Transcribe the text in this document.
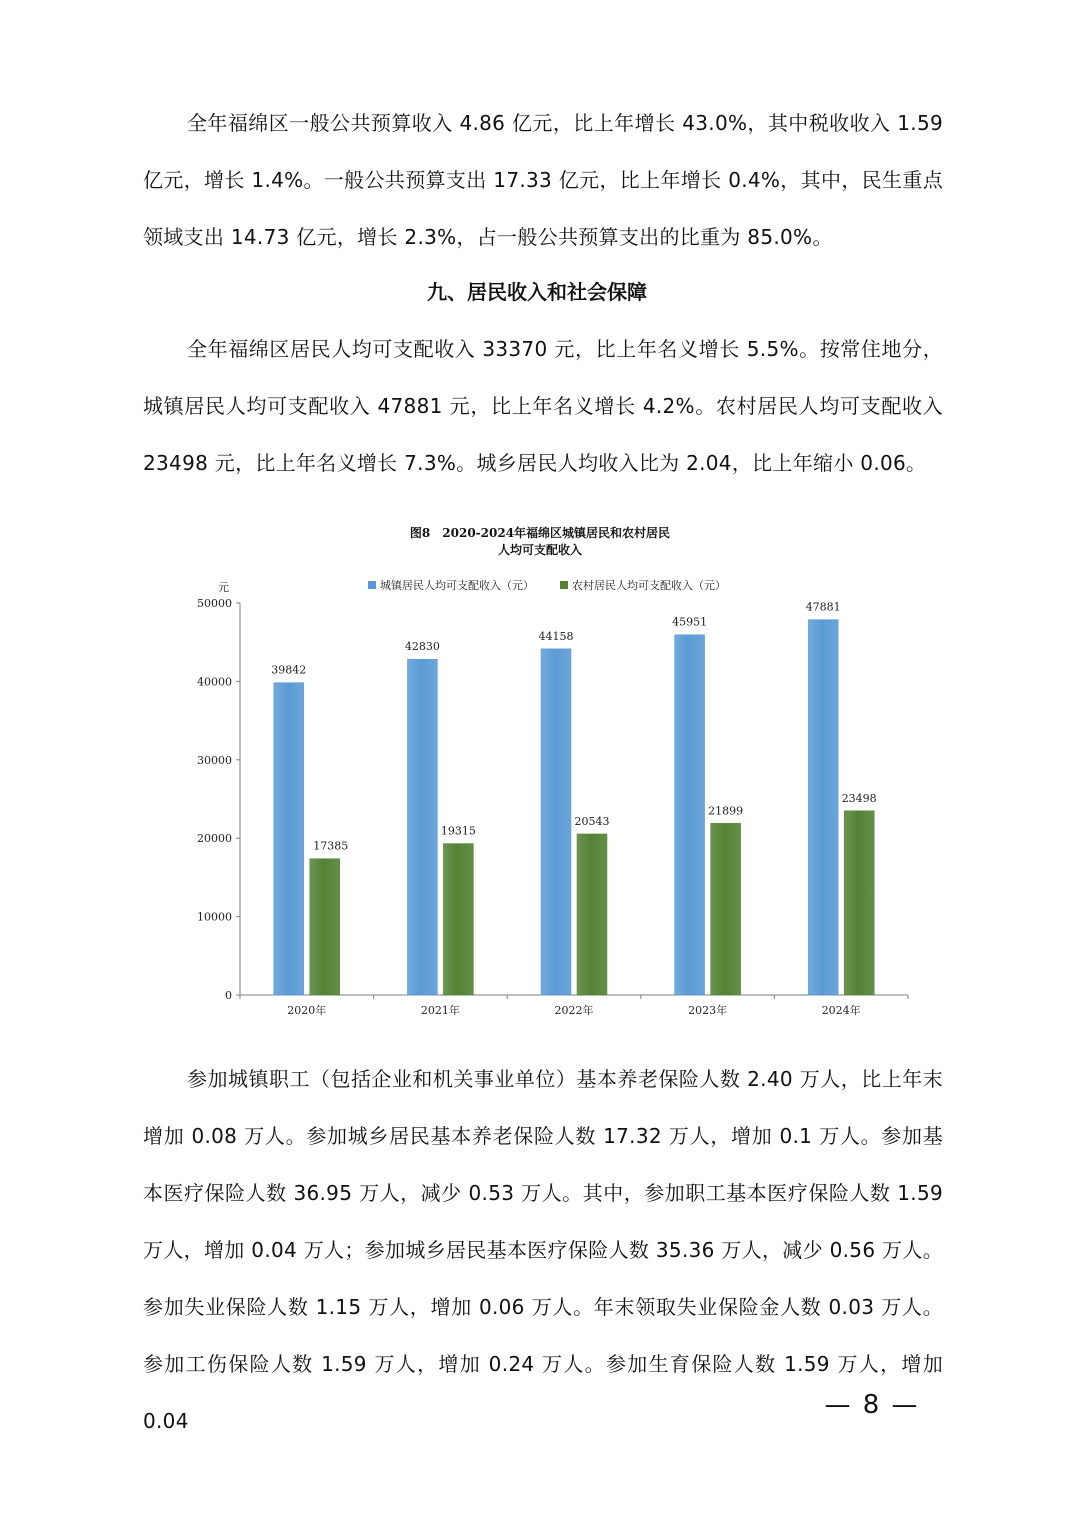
全年福绵区一般公共预算收入 4.86 亿元，比上年增长 43.0%，其中税收收入 1.59 亿元，增长 1.4%。一般公共预算支出 17.33 亿元，比上年增长 0.4%，其中，民生重点领域支出 14.73 亿元，增长 2.3%，占一般公共预算支出的比重为 85.0%。
九、居民收入和社会保障
全年福绵区居民人均可支配收入 33370 元，比上年名义增长 5.5%。按常住地分，城镇居民人均可支配收入 47881 元，比上年名义增长 4.2%。农村居民人均可支配收入 23498 元，比上年名义增长 7.3%。城乡居民人均收入比为 2.04，比上年缩小 0.06。
图8　2020-2024年福绵区城镇居民和农村居民
人均可支配收入
元	城镇居民人均可支配收入（元）	农村居民人均可支配收入（元）
0
10000
20000
30000
40000
50000
2020年	2021年	2022年	2023年	2024年
39842
17385
42830
19315
44158
20543
45951
21899
47881
23498
参加城镇职工（包括企业和机关事业单位）基本养老保险人数 2.40 万人，比上年末增加 0.08 万人。参加城乡居民基本养老保险人数 17.32 万人，增加 0.1 万人。参加基本医疗保险人数 36.95 万人，减少 0.53 万人。其中，参加职工基本医疗保险人数 1.59 万人，增加 0.04 万人；参加城乡居民基本医疗保险人数 35.36 万人，减少 0.56 万人。参加失业保险人数 1.15 万人，增加 0.06 万人。年末领取失业保险金人数 0.03 万人。参加工伤保险人数 1.59 万人，增加 0.24 万人。参加生育保险人数 1.59 万人，增加 0.04
— 8 —
